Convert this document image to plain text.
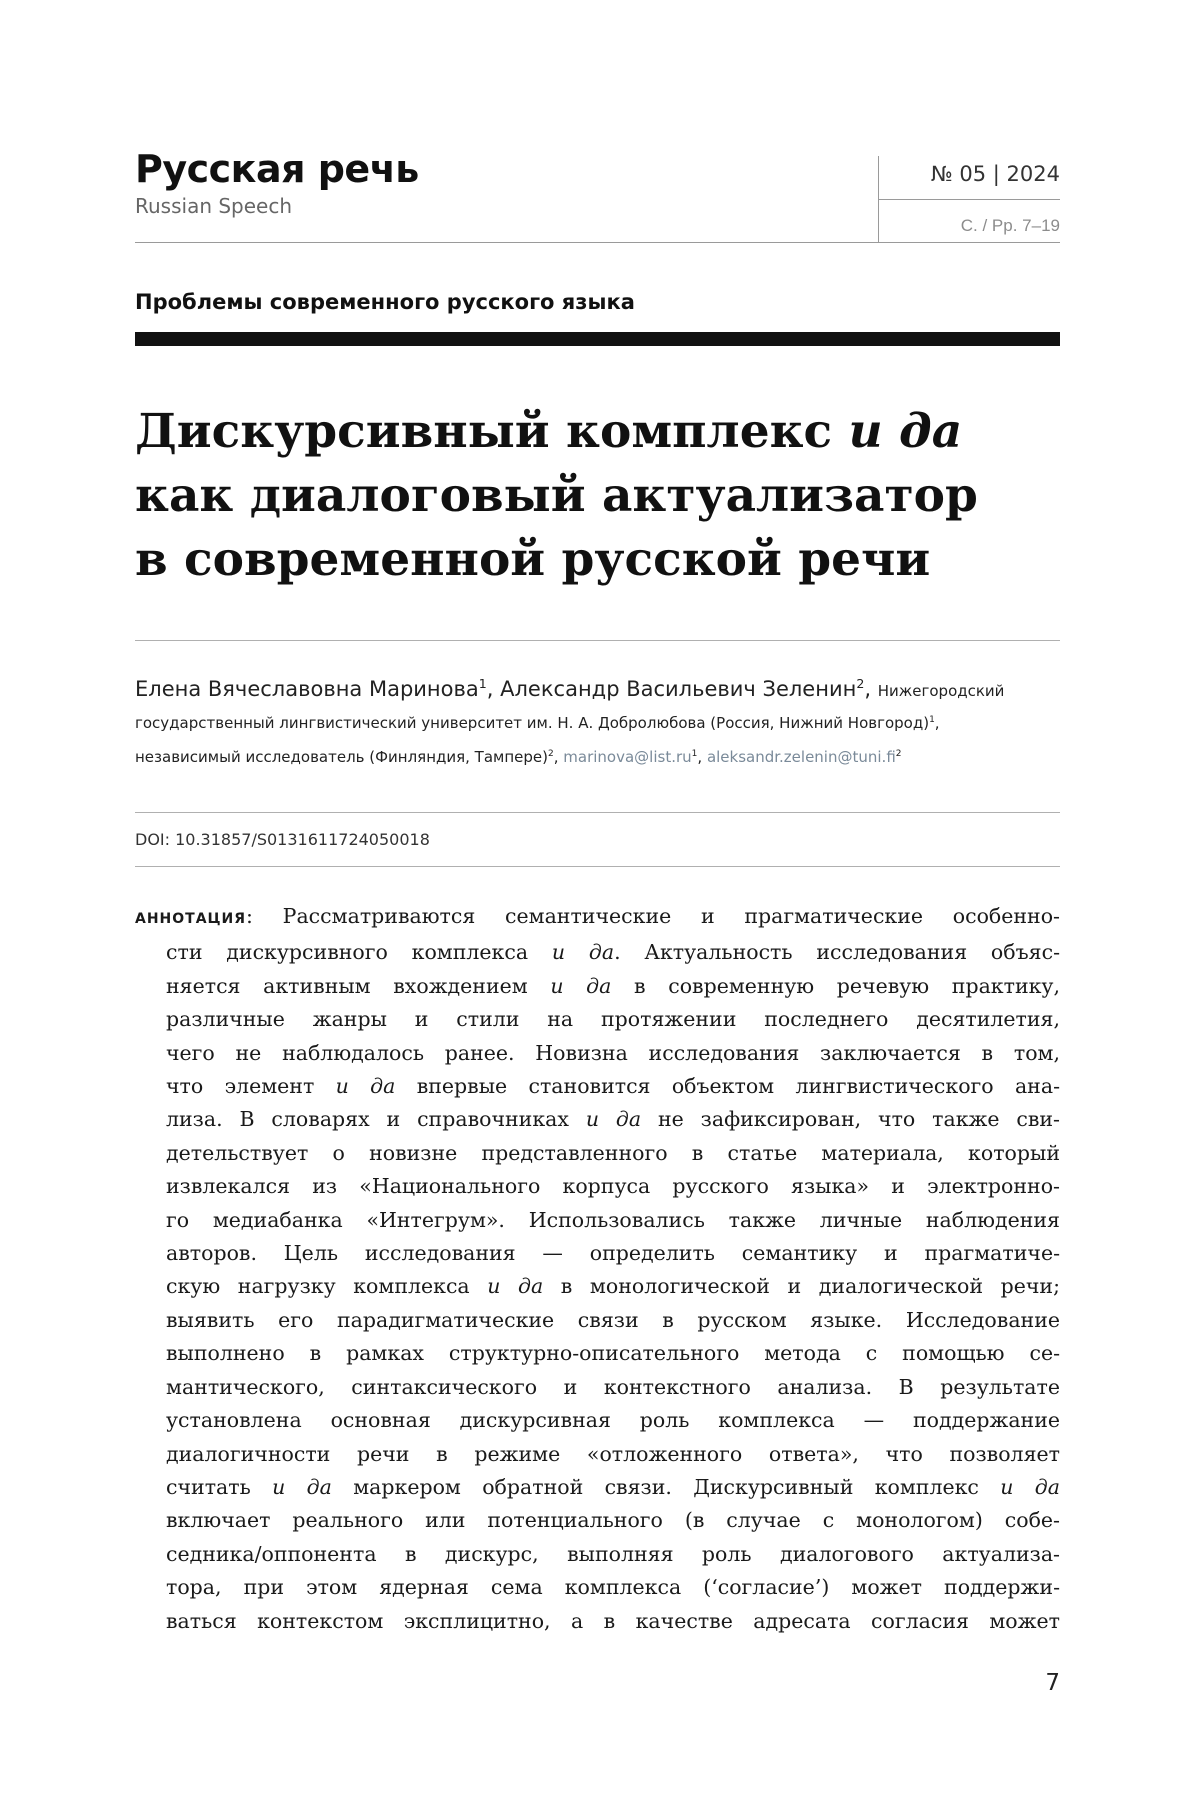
Русская речь
Russian Speech
№ 05 | 2024
С. / Pp. 7–19
Проблемы современного русского языка
Дискурсивный комплекс и да
как диалоговый актуализатор
в современной русской речи
Елена Вячеславовна Маринова$^1$, Александр Васильевич Зеленин$^2$, Нижегородский
государственный лингвистический университет им. Н. А. Добролюбова (Россия, Нижний Новгород)$^1$,
независимый исследователь (Финляндия, Тампере)$^2$, $marinova@list.ru^1$, $aleksandr.zelenin@tuni.fi^2$
DOI: 10.31857/S0131611724050018
АННОТАЦИЯ: Рассматриваются семантические и прагматические особенно-
сти дискурсивного комплекса и да. Актуальность исследования объяс-
няется активным вхождением и да в современную речевую практику,
различные жанры и стили на протяжении последнего десятилетия,
чего не наблюдалось ранее. Новизна исследования заключается в том,
что элемент и да впервые становится объектом лингвистического ана-
лиза. В словарях и справочниках и да не зафиксирован, что также сви-
детельствует о новизне представленного в статье материала, который
извлекался из «Национального корпуса русского языка» и электронно-
го медиабанка «Интегрум». Использовались также личные наблюдения
авторов. Цель исследования — определить семантику и прагматиче-
скую нагрузку комплекса и да в монологической и диалогической речи;
выявить его парадигматические связи в русском языке. Исследование
выполнено в рамках структурно-описательного метода с помощью се-
мантического, синтаксического и контекстного анализа. В результате
установлена основная дискурсивная роль комплекса — поддержание
диалогичности речи в режиме «отложенного ответа», что позволяет
считать и да маркером обратной связи. Дискурсивный комплекс и да
включает реального или потенциального (в случае с монологом) собе-
седника/оппонента в дискурс, выполняя роль диалогового актуализа-
тора, при этом ядерная сема комплекса (‘согласие’) может поддержи-
ваться контекстом эксплицитно, а в качестве адресата согласия может
7
